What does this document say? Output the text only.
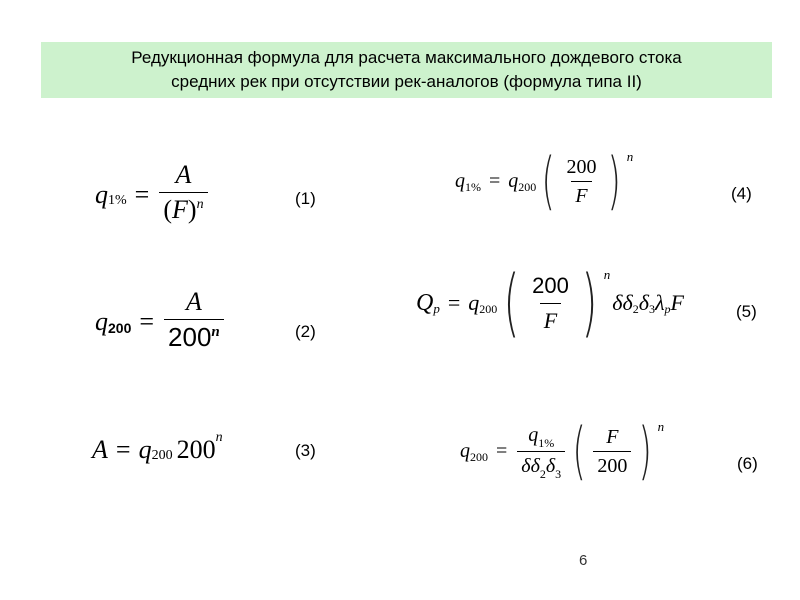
Редукционная формула для расчета максимального дождевого стока
средних рек при отсутствии рек-аналогов (формула типа II)
q $1\% = \frac{A}{(F)^n}$	(1)
q $200 = \frac{A}{200^n}$	(2)
A = q 200 200 n
(3)
q 1% = q 200 ( $\frac{200}{F}$ ) n
(4)
Q p = q 200 ( $\frac{200}{F}$ ) n
δ δ 2 δ 3 λ p F	(5)
q $200 = \frac{q_{1\%}}{\delta\delta_2\delta_3}$ ( $\frac{F}{200}$ ) n
(6)
6
